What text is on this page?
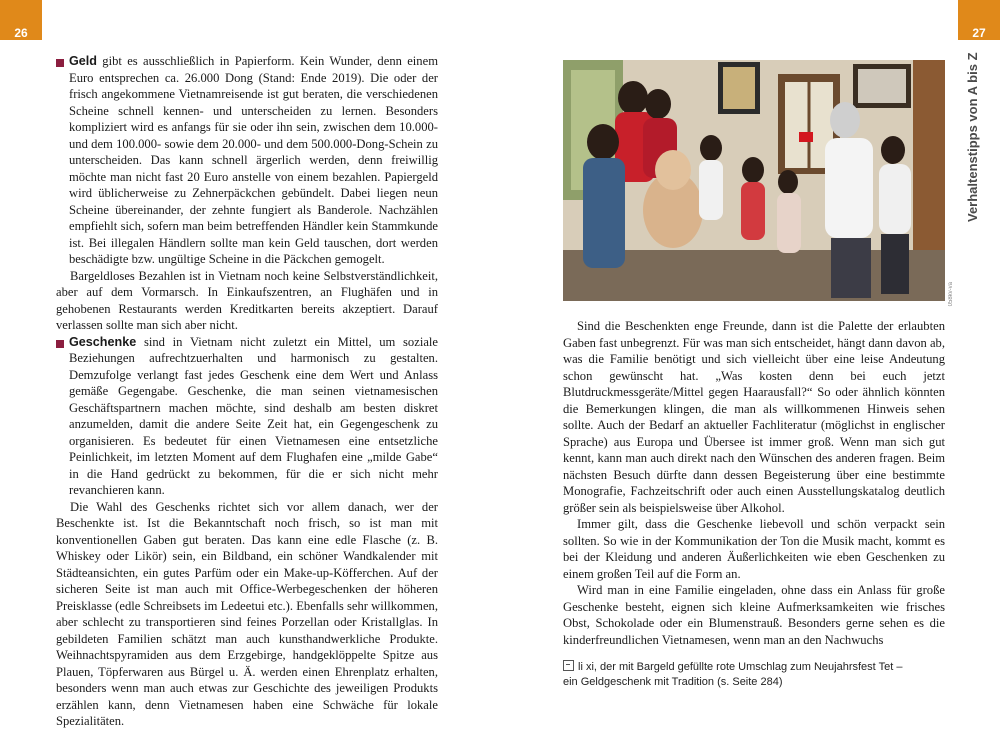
26	27
Verhaltenstipps von A bis Z

Geld gibt es ausschließlich in Papierform. Kein Wunder, denn einem Euro entsprechen ca. 26.000 Dong (Stand: Ende 2019). Die oder der frisch angekommene Vietnamreisende ist gut beraten, die verschiedenen Scheine schnell kennen- und unterscheiden zu lernen. Besonders kompliziert wird es anfangs für sie oder ihn sein, zwischen dem 10.000- und dem 100.000- sowie dem 20.000- und dem 500.000-Dong-Schein zu unterscheiden. Das kann schnell ärgerlich werden, denn freiwillig möchte man nicht fast 20 Euro anstelle von einem bezahlen. Papiergeld wird üblicherweise zu Zehnerpäckchen gebündelt. Dabei liegen neun Scheine übereinander, der zehnte fungiert als Banderole. Nachzählen empfiehlt sich, sofern man beim betreffenden Händler kein Stammkunde ist. Bei illegalen Händlern sollte man kein Geld tauschen, dort werden beschädigte bzw. ungültige Scheine in die Päckchen gemogelt.

Bargeldloses Bezahlen ist in Vietnam noch keine Selbstverständlichkeit, aber auf dem Vormarsch. In Einkaufszentren, an Flughäfen und in gehobenen Restaurants werden Kreditkarten bereits akzeptiert. Darauf verlassen sollte man sich aber nicht.

Geschenke sind in Vietnam nicht zuletzt ein Mittel, um soziale Beziehungen aufrechtzuerhalten und harmonisch zu gestalten. Demzufolge verlangt fast jedes Geschenk eine dem Wert und Anlass gemäße Gegengabe. Geschenke, die man seinen vietnamesischen Geschäftspartnern machen möchte, sind deshalb am besten diskret anzumelden, damit die andere Seite Zeit hat, ein Gegengeschenk zu organisieren. Es bedeutet für einen Vietnamesen eine entsetzliche Peinlichkeit, im letzten Moment auf dem Flughafen eine „milde Gabe“ in die Hand gedrückt zu bekommen, für die er sich nicht mehr revanchieren kann.

Die Wahl des Geschenks richtet sich vor allem danach, wer der Beschenkte ist. Ist die Bekanntschaft noch frisch, so ist man mit konventionellen Gaben gut beraten. Das kann eine edle Flasche (z. B. Whiskey oder Likör) sein, ein Bildband, ein schöner Wandkalender mit Städteansichten, ein gutes Parfüm oder ein Make-up-Köfferchen. Auf der sicheren Seite ist man auch mit Office-Werbegeschenken der höheren Preisklasse (edle Schreibsets im Ledeetui etc.). Ebenfalls sehr willkommen, aber schlecht zu transportieren sind feines Porzellan oder Kristallglas. In gebildeten Familien schätzt man auch kunsthandwerkliche Produkte. Weihnachtspyramiden aus dem Erzgebirge, handgeklöppelte Spitze aus Plauen, Töpferwaren aus Bürgel u. Ä. werden einen Ehrenplatz erhalten, besonders wenn man auch etwas zur Geschichte des jeweiligen Produkts erzählen kann, denn Vietnamesen haben eine Schwäche für lokale Spezialitäten.

058kv-va

Sind die Beschenkten enge Freunde, dann ist die Palette der erlaubten Gaben fast unbegrenzt. Für was man sich entscheidet, hängt dann davon ab, was die Familie benötigt und sich vielleicht über eine leise Andeutung schon gewünscht hat. „Was kosten denn bei euch jetzt Blutdruckmessgeräte/Mittel gegen Haarausfall?“ So oder ähnlich könnten die Bemerkungen klingen, die man als willkommenen Hinweis sehen sollte. Auch der Bedarf an aktueller Fachliteratur (möglichst in englischer Sprache) aus Europa und Übersee ist immer groß. Wenn man sich gut kennt, kann man auch direkt nach den Wünschen des anderen fragen. Beim nächsten Besuch dürfte dann dessen Begeisterung über eine bestimmte Monografie, Fachzeitschrift oder auch einen Ausstellungskatalog deutlich größer sein als beispielsweise über Alkohol.

Immer gilt, dass die Geschenke liebevoll und schön verpackt sein sollten. So wie in der Kommunikation der Ton die Musik macht, kommt es bei der Kleidung und anderen Äußerlichkeiten wie eben Geschenken zu einem großen Teil auf die Form an.

Wird man in eine Familie eingeladen, ohne dass ein Anlass für große Geschenke besteht, eignen sich kleine Aufmerksamkeiten wie frisches Obst, Schokolade oder ein Blumenstrauß. Besonders gerne sehen es die kinderfreundlichen Vietnamesen, wenn man an den Nachwuchs

li xi, der mit Bargeld gefüllte rote Umschlag zum Neujahrsfest Tet –
ein Geldgeschenk mit Tradition (s. Seite 284)
